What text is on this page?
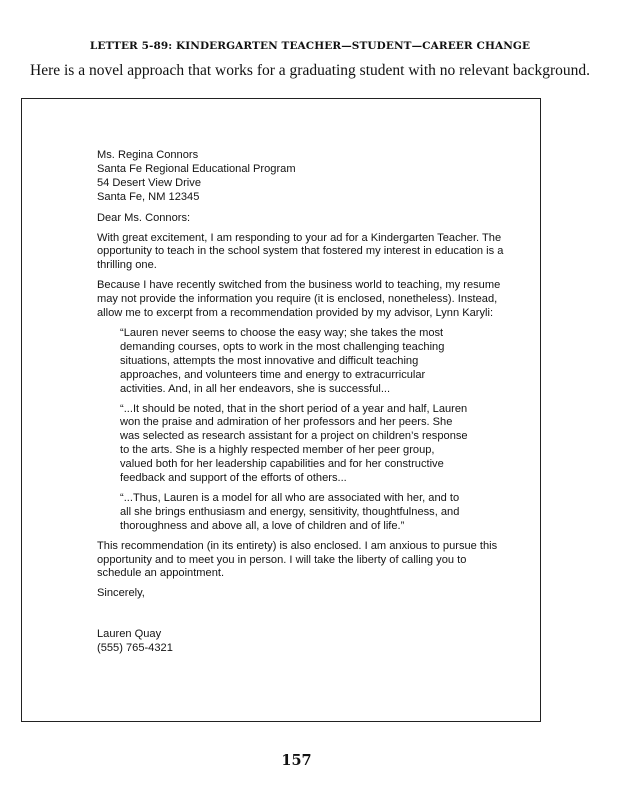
LETTER 5-89: KINDERGARTEN TEACHER—STUDENT—CAREER CHANGE

Here is a novel approach that works for a graduating student with no relevant background.

Ms. Regina Connors

Santa Fe Regional Educational Program

54 Desert View Drive

Santa Fe, NM 12345

Dear Ms. Connors:

With great excitement, I am responding to your ad for a Kindergarten Teacher. The opportunity to teach in the school system that fostered my interest in education is a thrilling one.

Because I have recently switched from the business world to teaching, my resume may not provide the information you require (it is enclosed, nonetheless). Instead, allow me to excerpt from a recommendation provided by my advisor, Lynn Karyli:

“Lauren never seems to choose the easy way; she takes the most demanding courses, opts to work in the most challenging teaching situations, attempts the most innovative and difficult teaching approaches, and volunteers time and energy to extracurricular activities. And, in all her endeavors, she is successful...

“...It should be noted, that in the short period of a year and half, Lauren won the praise and admiration of her professors and her peers. She was selected as research assistant for a project on children’s response to the arts. She is a highly respected member of her peer group, valued both for her leadership capabilities and for her constructive feedback and support of the efforts of others...

“...Thus, Lauren is a model for all who are associated with her, and to all she brings enthusiasm and energy, sensitivity, thoughtfulness, and thoroughness and above all, a love of children and of life.”

This recommendation (in its entirety) is also enclosed. I am anxious to pursue this opportunity and to meet you in person. I will take the liberty of calling you to schedule an appointment.

Sincerely,

Lauren Quay

(555) 765-4321

157
